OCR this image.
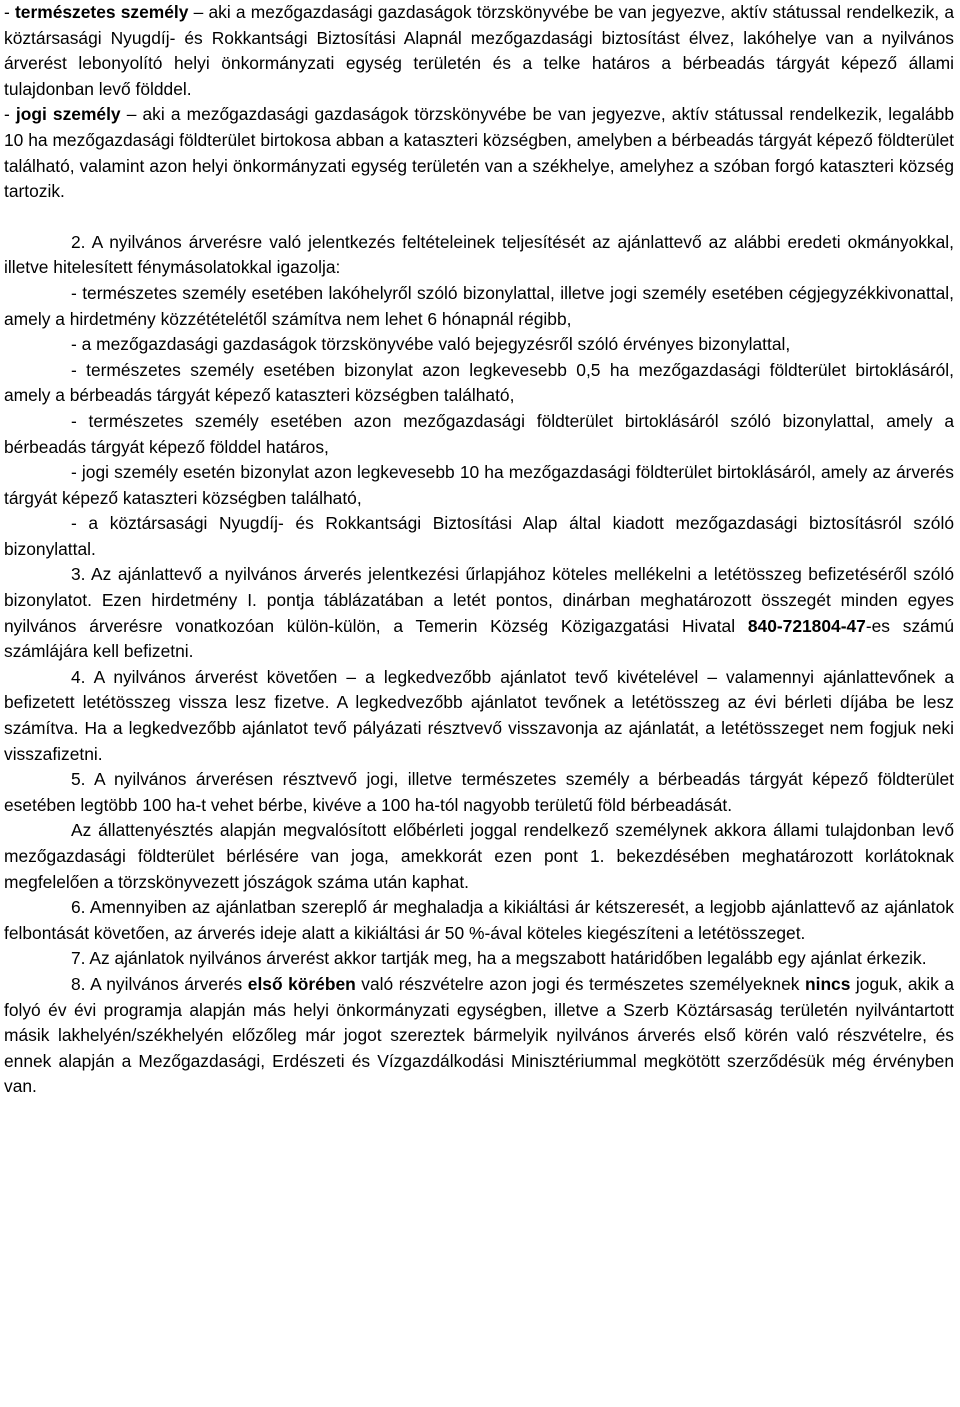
- természetes személy – aki a mezőgazdasági gazdaságok törzskönyvébe be van jegyezve, aktív státussal rendelkezik, a köztársasági Nyugdíj- és Rokkantsági Biztosítási Alapnál mezőgazdasági biztosítást élvez, lakóhelye van a nyilvános árverést lebonyolító helyi önkormányzati egység területén és a telke határos a bérbeadás tárgyát képező állami tulajdonban levő földdel.

- jogi személy – aki a mezőgazdasági gazdaságok törzskönyvébe be van jegyezve, aktív státussal rendelkezik, legalább 10 ha mezőgazdasági földterület birtokosa abban a kataszteri községben, amelyben a bérbeadás tárgyát képező földterület található, valamint azon helyi önkormányzati egység területén van a székhelye, amelyhez a szóban forgó kataszteri község tartozik.

2. A nyilvános árverésre való jelentkezés feltételeinek teljesítését az ajánlattevő az alábbi eredeti okmányokkal, illetve hitelesített fénymásolatokkal igazolja:

- természetes személy esetében lakóhelyről szóló bizonylattal, illetve jogi személy esetében cégjegyzékkivonattal, amely a hirdetmény közzétételétől számítva nem lehet 6 hónapnál régibb,

- a mezőgazdasági gazdaságok törzskönyvébe való bejegyzésről szóló érvényes bizonylattal,

- természetes személy esetében bizonylat azon legkevesebb 0,5 ha mezőgazdasági földterület birtoklásáról, amely a bérbeadás tárgyát képező kataszteri községben található,

- természetes személy esetében azon mezőgazdasági földterület birtoklásáról szóló bizonylattal, amely a bérbeadás tárgyát képező földdel határos,

- jogi személy esetén bizonylat azon legkevesebb 10 ha mezőgazdasági földterület birtoklásáról, amely az árverés tárgyát képező kataszteri községben található,

- a köztársasági Nyugdíj- és Rokkantsági Biztosítási Alap által kiadott mezőgazdasági biztosításról szóló bizonylattal.

3. Az ajánlattevő a nyilvános árverés jelentkezési űrlapjához köteles mellékelni a letétösszeg befizetéséről szóló bizonylatot. Ezen hirdetmény I. pontja táblázatában a letét pontos, dinárban meghatározott összegét minden egyes nyilvános árverésre vonatkozóan külön-külön, a Temerin Község Közigazgatási Hivatal 840-721804-47-es számú számlájára kell befizetni.

4. A nyilvános árverést követően – a legkedvezőbb ajánlatot tevő kivételével – valamennyi ajánlattevőnek a befizetett letétösszeg vissza lesz fizetve. A legkedvezőbb ajánlatot tevőnek a letétösszeg az évi bérleti díjába be lesz számítva. Ha a legkedvezőbb ajánlatot tevő pályázati résztvevő visszavonja az ajánlatát, a letétösszeget nem fogjuk neki visszafizetni.

5. A nyilvános árverésen résztvevő jogi, illetve természetes személy a bérbeadás tárgyát képező földterület esetében legtöbb 100 ha-t vehet bérbe, kivéve a 100 ha-tól nagyobb területű föld bérbeadását.

Az állattenyésztés alapján megvalósított előbérleti joggal rendelkező személynek akkora állami tulajdonban levő mezőgazdasági földterület bérlésére van joga, amekkorát ezen pont 1. bekezdésében meghatározott korlátoknak megfelelően a törzskönyvezett jószágok száma után kaphat.

6. Amennyiben az ajánlatban szereplő ár meghaladja a kikiáltási ár kétszeresét, a legjobb ajánlattevő az ajánlatok felbontását követően, az árverés ideje alatt a kikiáltási ár 50 %-ával köteles kiegészíteni a letétösszeget.

7. Az ajánlatok nyilvános árverést akkor tartják meg, ha a megszabott határidőben legalább egy ajánlat érkezik.

8. A nyilvános árverés első körében való részvételre azon jogi és természetes személyeknek nincs joguk, akik a folyó év évi programja alapján más helyi önkormányzati egységben, illetve a Szerb Köztársaság területén nyilvántartott másik lakhelyén/székhelyén előzőleg már jogot szereztek bármelyik nyilvános árverés első körén való részvételre, és ennek alapján a Mezőgazdasági, Erdészeti és Vízgazdálkodási Minisztériummal megkötött szerződésük még érvényben van.
